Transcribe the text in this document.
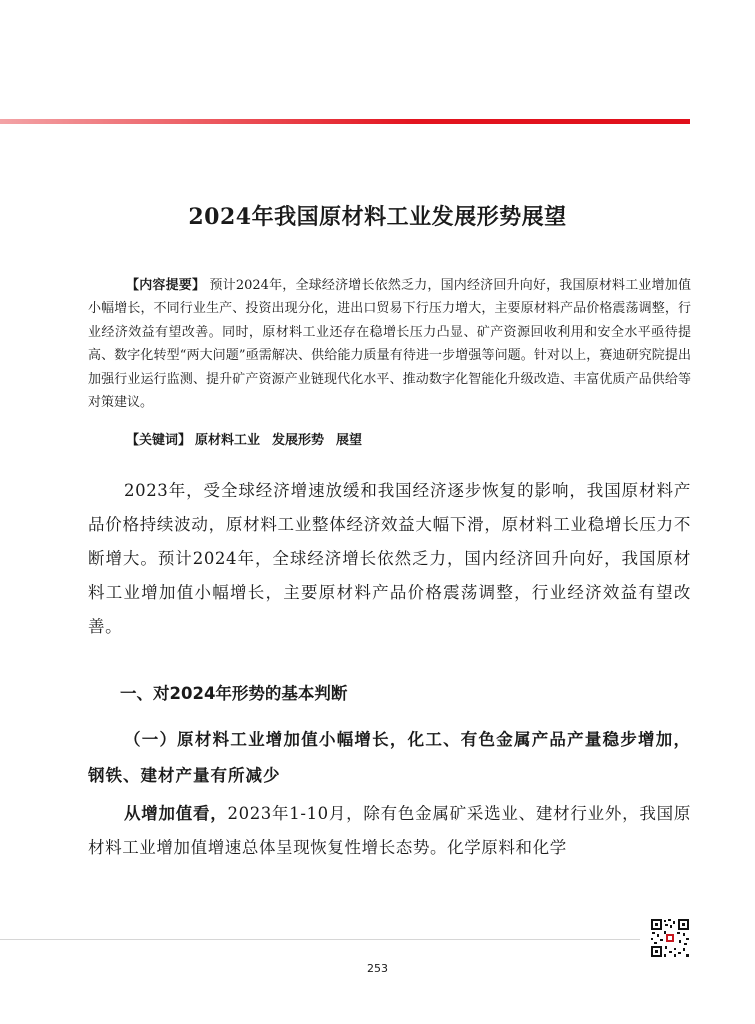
2024年我国原材料工业发展形势展望

【内容提要】 预计2024年，全球经济增长依然乏力，国内经济回升向好，我国原材料工业增加值小幅增长，不同行业生产、投资出现分化，进出口贸易下行压力增大，主要原材料产品价格震荡调整，行业经济效益有望改善。同时，原材料工业还存在稳增长压力凸显、矿产资源回收利用和安全水平亟待提高、数字化转型“两大问题”亟需解决、供给能力质量有待进一步增强等问题。针对以上，赛迪研究院提出加强行业运行监测、提升矿产资源产业链现代化水平、推动数字化智能化升级改造、丰富优质产品供给等对策建议。

【关键词】 原材料工业 发展形势 展望

2023年，受全球经济增速放缓和我国经济逐步恢复的影响，我国原材料产品价格持续波动，原材料工业整体经济效益大幅下滑，原材料工业稳增长压力不断增大。预计2024年，全球经济增长依然乏力，国内经济回升向好，我国原材料工业增加值小幅增长，主要原材料产品价格震荡调整，行业经济效益有望改善。

一、对2024年形势的基本判断
（一）原材料工业增加值小幅增长，化工、有色金属产品产量稳步增加，钢铁、建材产量有所减少

从增加值看，2023年1-10月，除有色金属矿采选业、建材行业外，我国原材料工业增加值增速总体呈现恢复性增长态势。化学原料和化学

253
